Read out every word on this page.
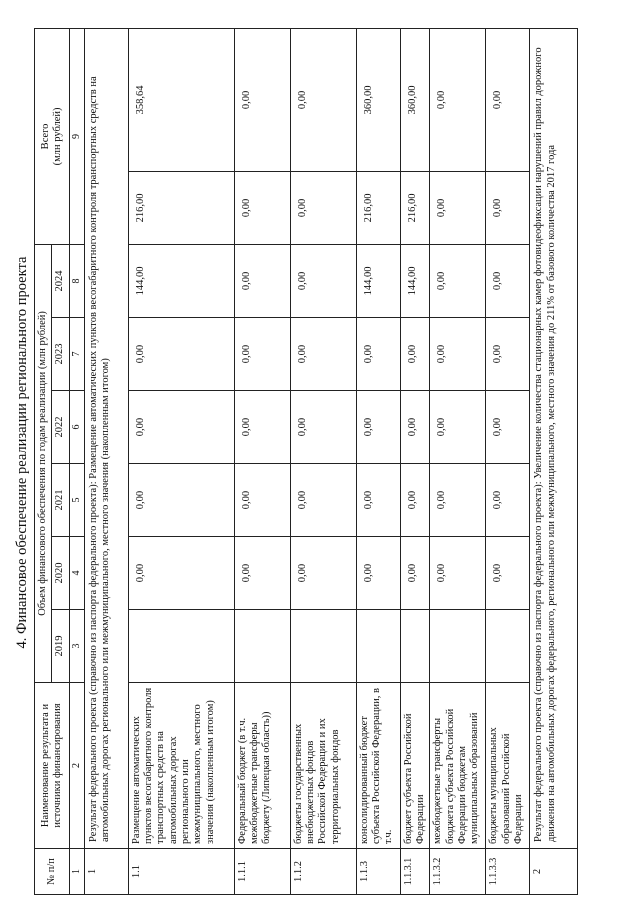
4. Финансовое обеспечение реализации регионального проекта
№ п/п	Наименование результата и источники финансирования	Объем финансового обеспечения по годам реализации (млн рублей)						Всего (млн рублей)	

		2019	2020	2021	2022	2023	2024		
1	2	3	4	5	6	7	8	9	
1	Результат федерального проекта (справочно из паспорта федерального проекта): Размещение автоматических пунктов весогабаритного контроля транспортных средств на автомобильных дорогах регионального или межмуниципального, местного значения (накопленным итогом)								
1.1	Размещение автоматических пунктов весогабаритного контроля транспортных средств на автомобильных дорогах регионального или межмуниципального, местного значения (накопленным итогом)		0,00	0,00	0,00	0,00	144,00	216,00	358,64
1.1.1	Федеральный бюджет (в т.ч. межбюджетные трансферы бюджету (Липецкая область))		0,00	0,00	0,00	0,00	0,00	0,00	0,00
1.1.2	бюджеты государственных внебюджетных фондов Российской Федерации и их территориальных фондов		0,00	0,00	0,00	0,00	0,00	0,00	0,00
1.1.3	консолидированный бюджет субъекта Российской Федерации, в т.ч.		0,00	0,00	0,00	0,00	144,00	216,00	360,00
1.1.3.1	бюджет субъекта Российской Федерации		0,00	0,00	0,00	0,00	144,00	216,00	360,00
1.1.3.2	межбюджетные трансферты бюджета субъекта Российской Федерации бюджетам муниципальных образований		0,00	0,00	0,00	0,00	0,00	0,00	0,00
1.1.3.3	бюджеты муниципальных образований Российской Федерации		0,00	0,00	0,00	0,00	0,00	0,00	0,00
2	Результат федерального проекта (справочно из паспорта федерального проекта): Увеличение количества стационарных камер фотовидеофиксации нарушений правил дорожного движения на автомобильных дорогах федерального, регионального или межмуниципального, местного значения до 211% от базового количества 2017 года								
